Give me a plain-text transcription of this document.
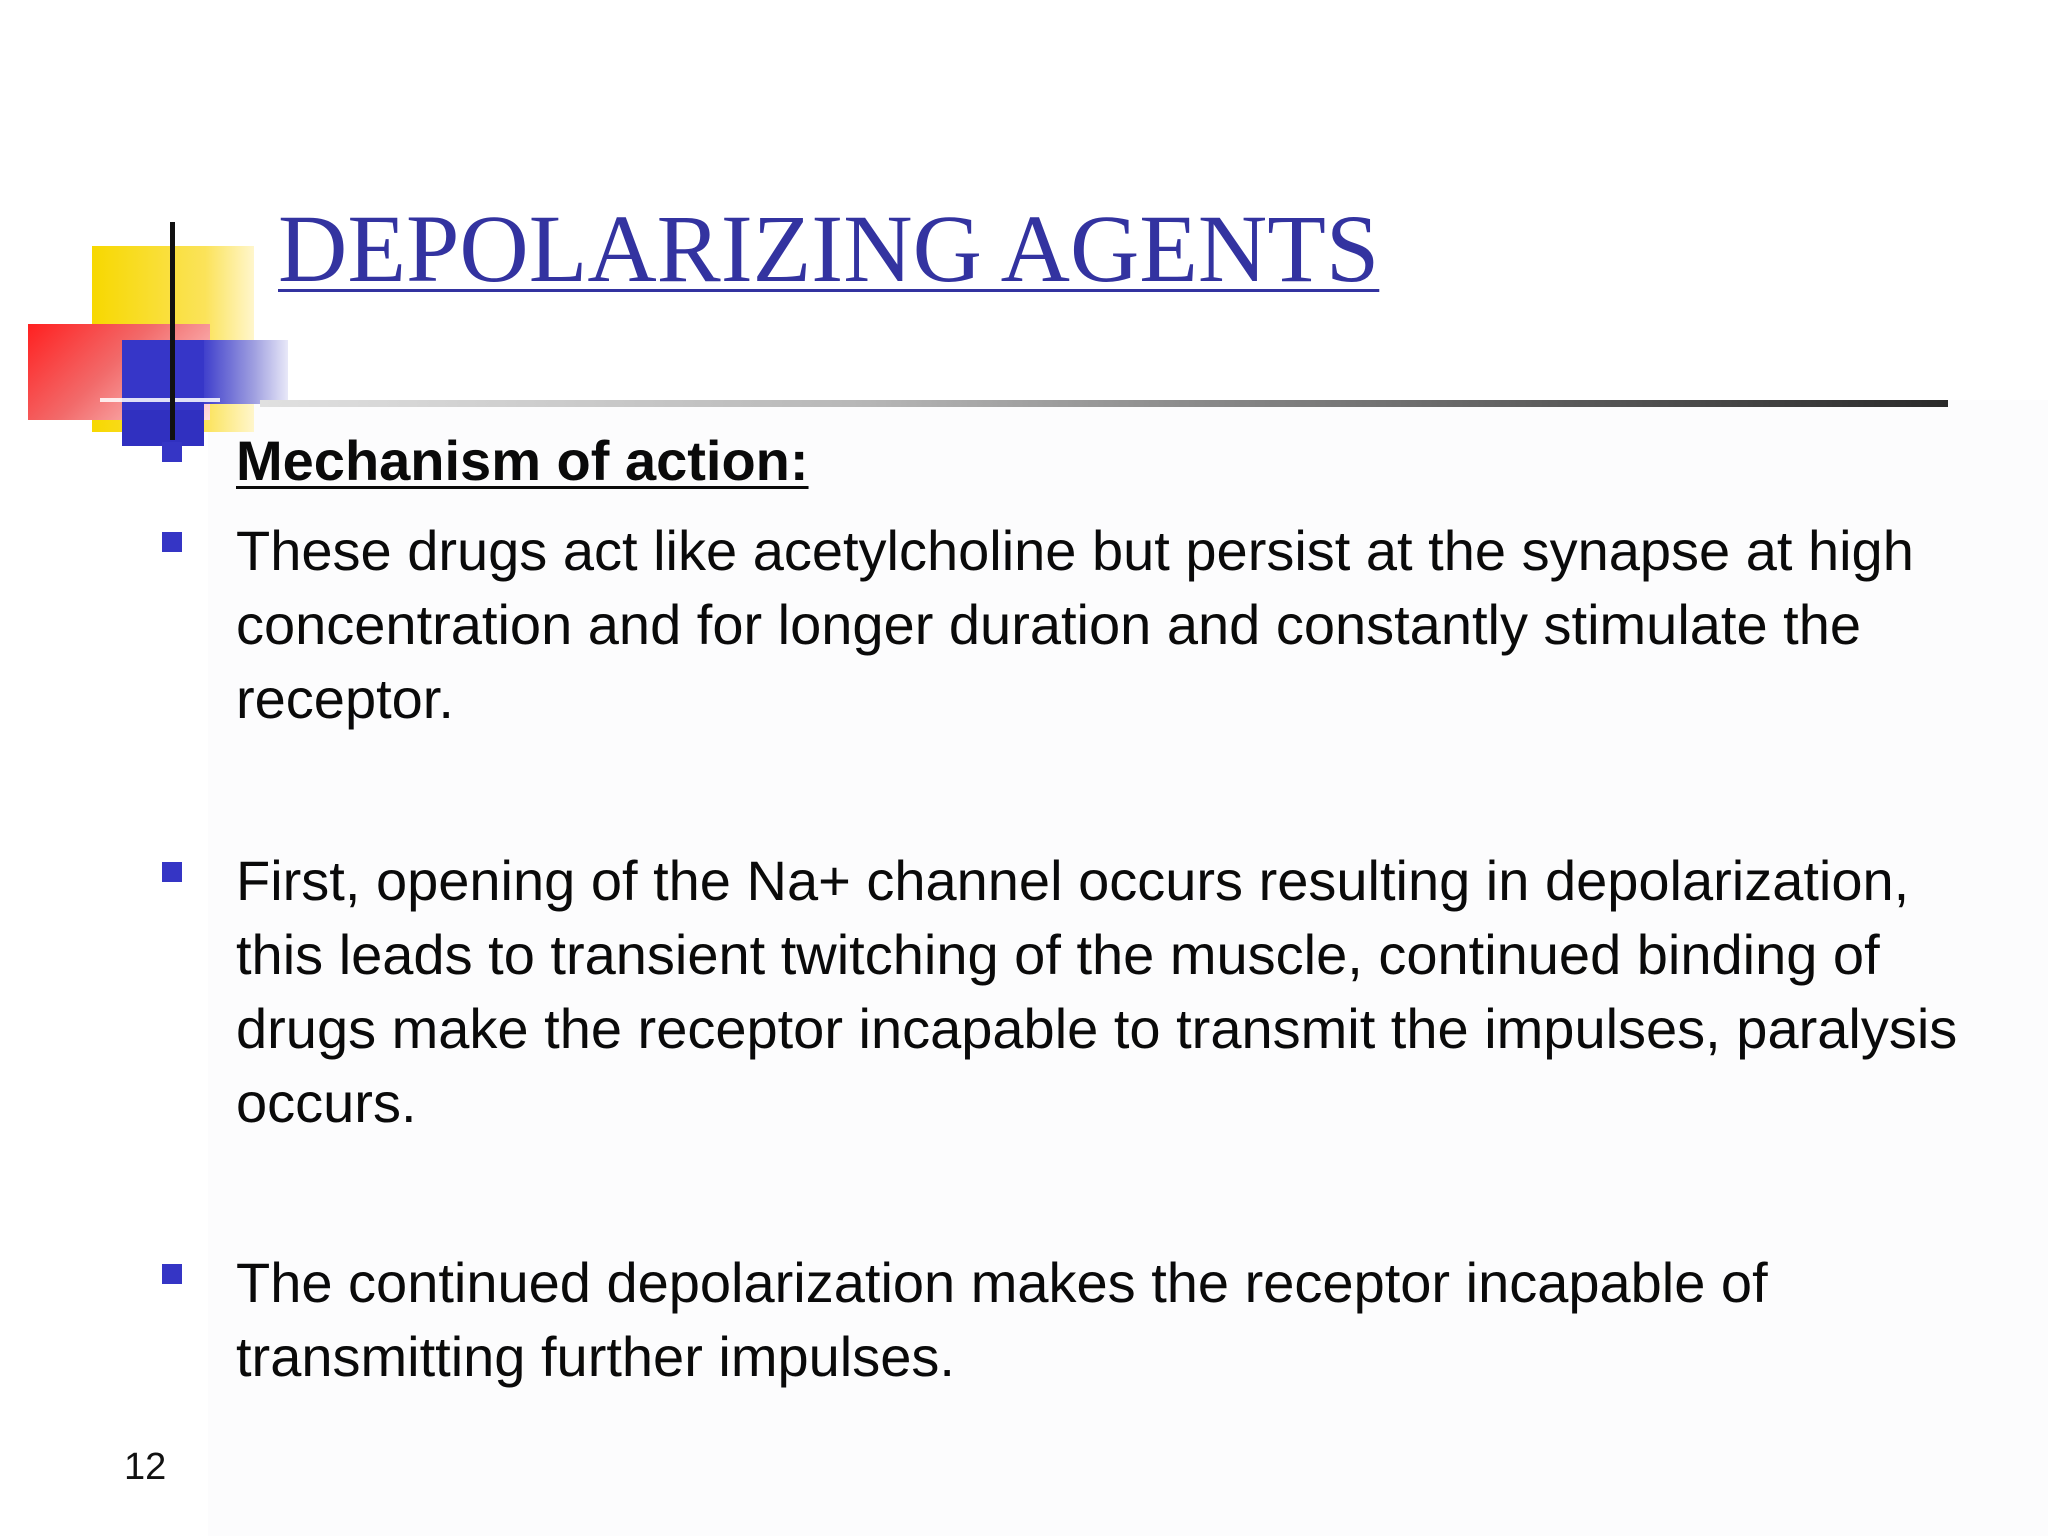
DEPOLARIZING AGENTS
Mechanism of action:
These drugs act like acetylcholine but persist at the synapse at high concentration and for longer duration and constantly stimulate the receptor.
First, opening of the Na+ channel occurs resulting in depolarization, this leads to transient twitching of the muscle, continued binding of drugs make the receptor incapable to transmit the impulses, paralysis occurs.
The continued depolarization makes the receptor incapable of transmitting further impulses.
12
